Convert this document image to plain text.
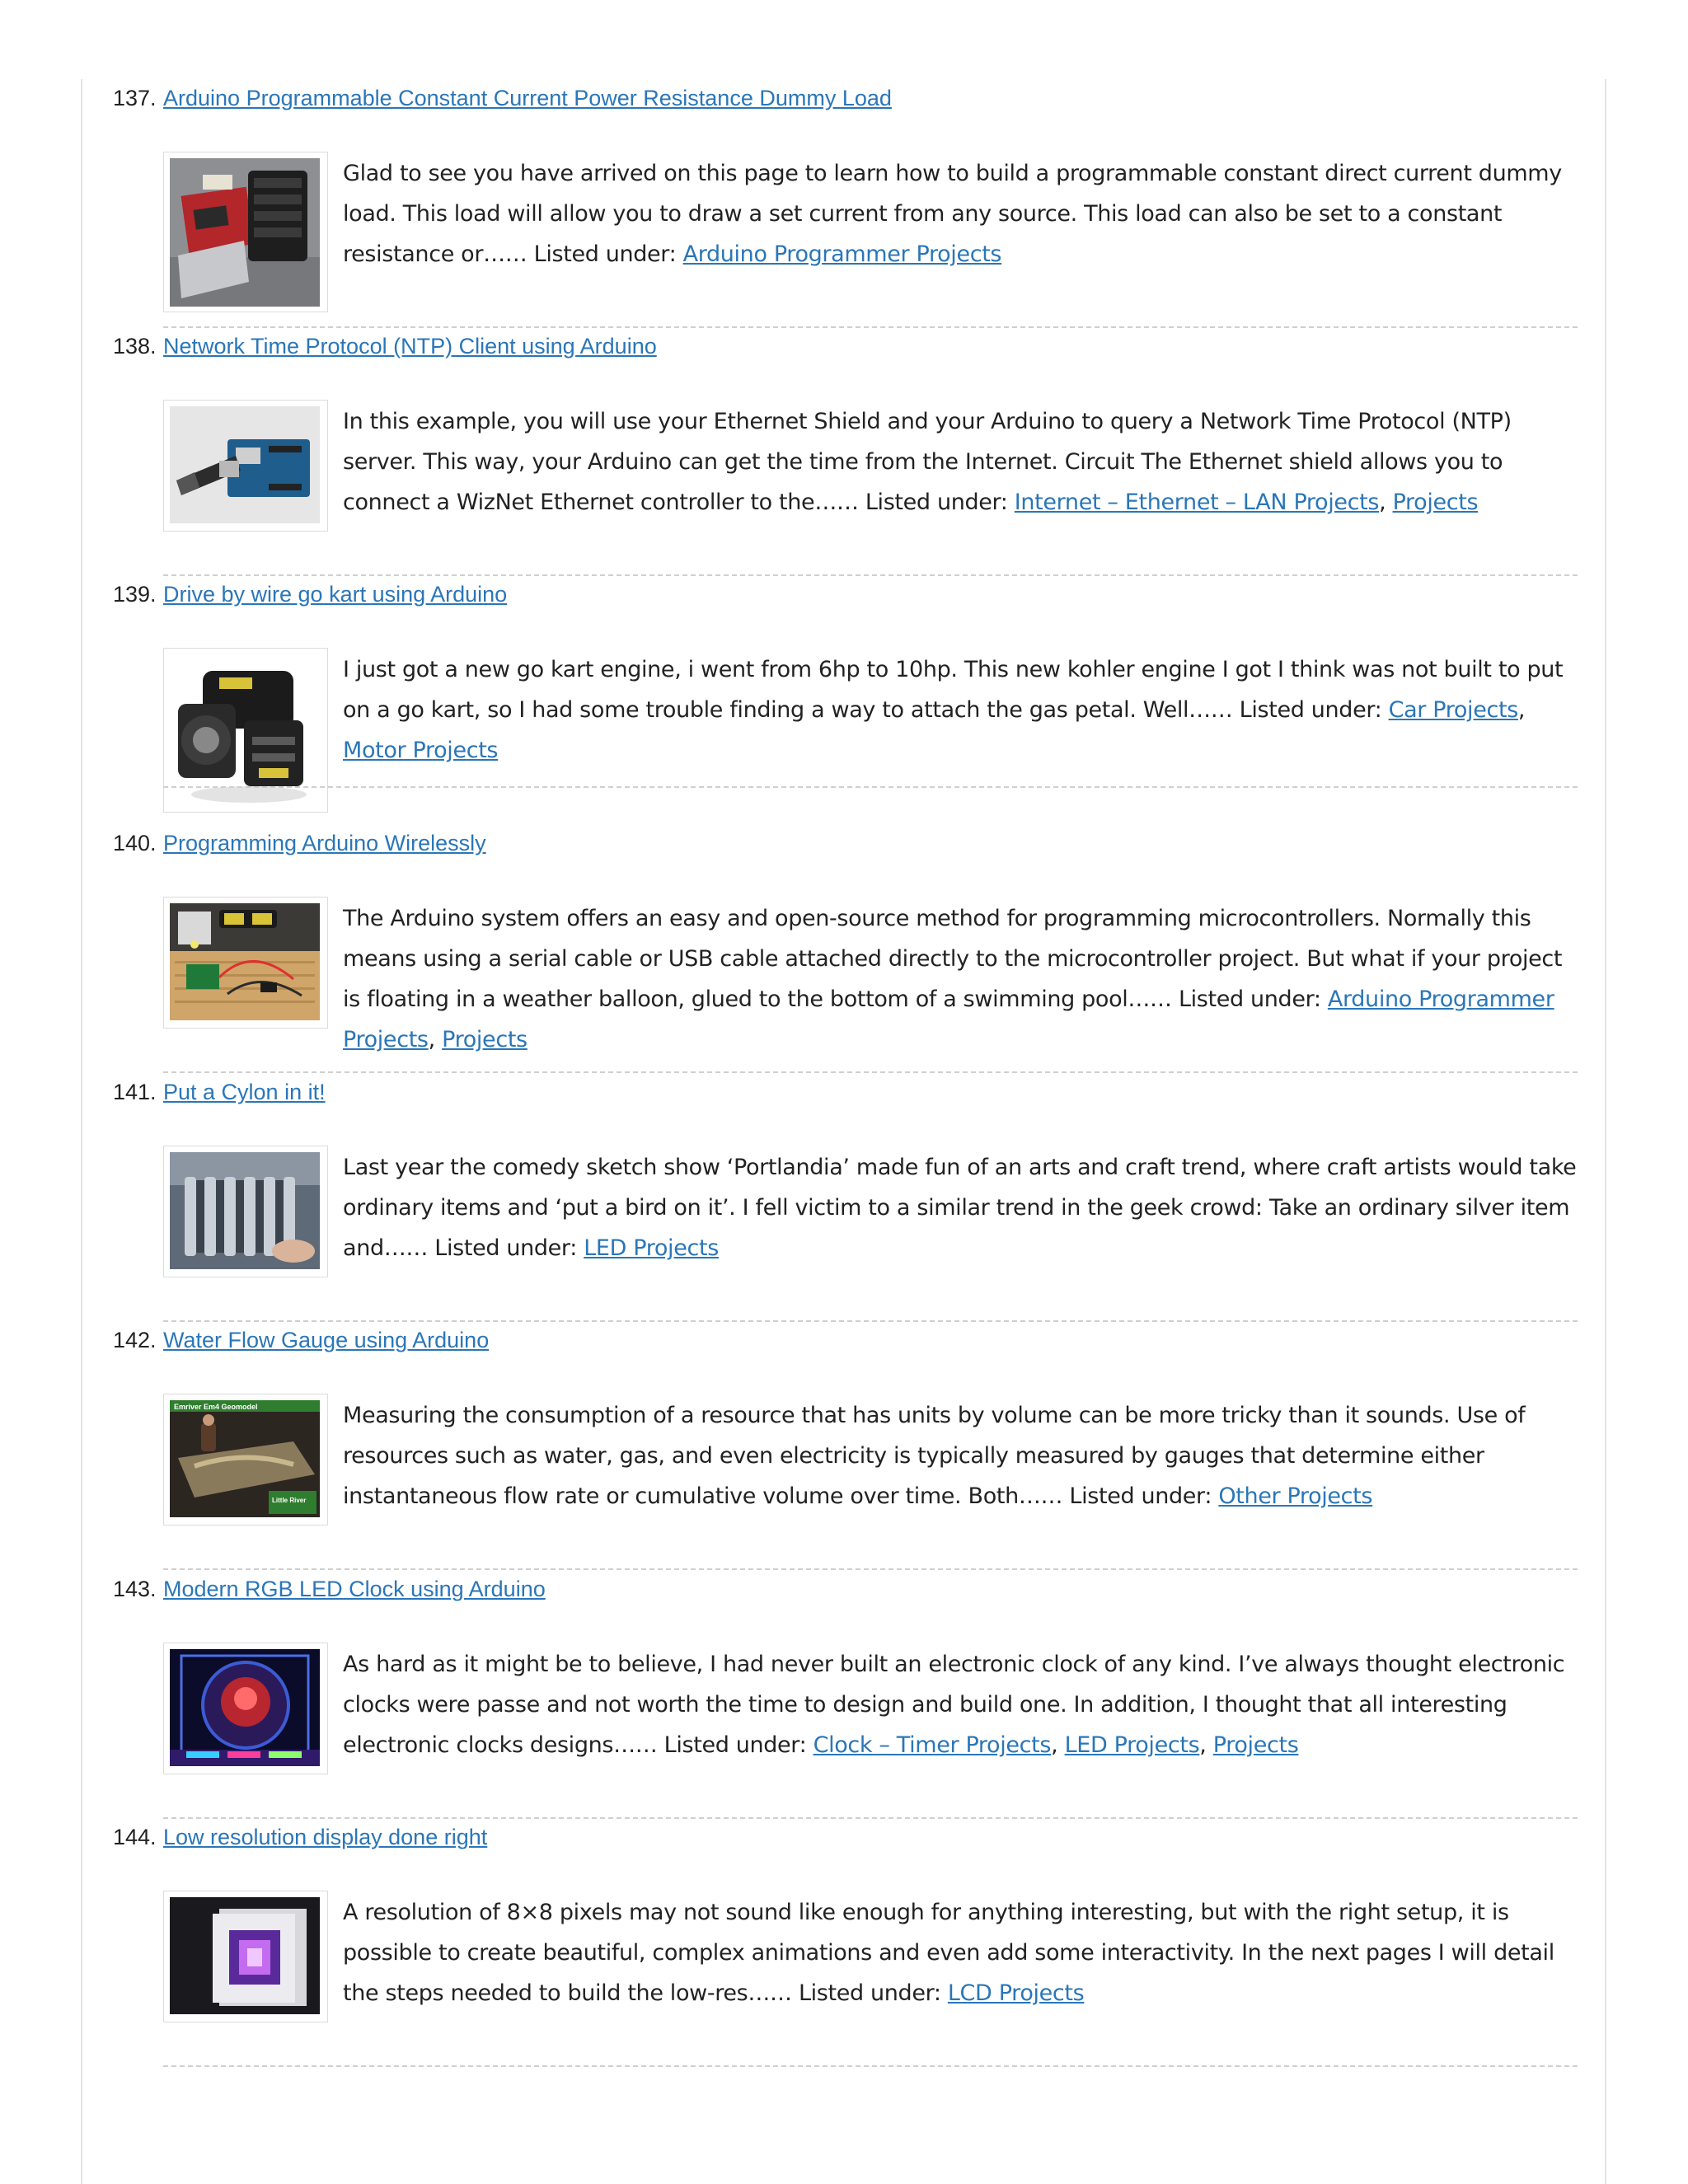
137. Arduino Programmable Constant Current Power Resistance Dummy Load
Glad to see you have arrived on this page to learn how to build a programmable constant direct current dummy load. This load will allow you to draw a set current from any source. This load can also be set to a constant resistance or…… Listed under: Arduino Programmer Projects
138. Network Time Protocol (NTP) Client using Arduino
In this example, you will use your Ethernet Shield and your Arduino to query a Network Time Protocol (NTP) server. This way, your Arduino can get the time from the Internet. Circuit The Ethernet shield allows you to connect a WizNet Ethernet controller to the…… Listed under: Internet – Ethernet – LAN Projects, Projects
139. Drive by wire go kart using Arduino
I just got a new go kart engine, i went from 6hp to 10hp. This new kohler engine I got I think was not built to put on a go kart, so I had some trouble finding a way to attach the gas petal. Well…… Listed under: Car Projects, Motor Projects
140. Programming Arduino Wirelessly
The Arduino system offers an easy and open-source method for programming microcontrollers. Normally this means using a serial cable or USB cable attached directly to the microcontroller project. But what if your project is floating in a weather balloon, glued to the bottom of a swimming pool…… Listed under: Arduino Programmer Projects, Projects
141. Put a Cylon in it!
Last year the comedy sketch show ‘Portlandia’ made fun of an arts and craft trend, where craft artists would take ordinary items and ‘put a bird on it’. I fell victim to a similar trend in the geek crowd: Take an ordinary silver item and…… Listed under: LED Projects
142. Water Flow Gauge using Arduino
Emriver Em4 Geomodel
Little River
Measuring the consumption of a resource that has units by volume can be more tricky than it sounds. Use of resources such as water, gas, and even electricity is typically measured by gauges that determine either instantaneous flow rate or cumulative volume over time. Both…… Listed under: Other Projects
143. Modern RGB LED Clock using Arduino
As hard as it might be to believe, I had never built an electronic clock of any kind. I’ve always thought electronic clocks were passe and not worth the time to design and build one. In addition, I thought that all interesting electronic clocks designs…… Listed under: Clock – Timer Projects, LED Projects, Projects
144. Low resolution display done right
A resolution of 8×8 pixels may not sound like enough for anything interesting, but with the right setup, it is possible to create beautiful, complex animations and even add some interactivity. In the next pages I will detail the steps needed to build the low-res…… Listed under: LCD Projects
